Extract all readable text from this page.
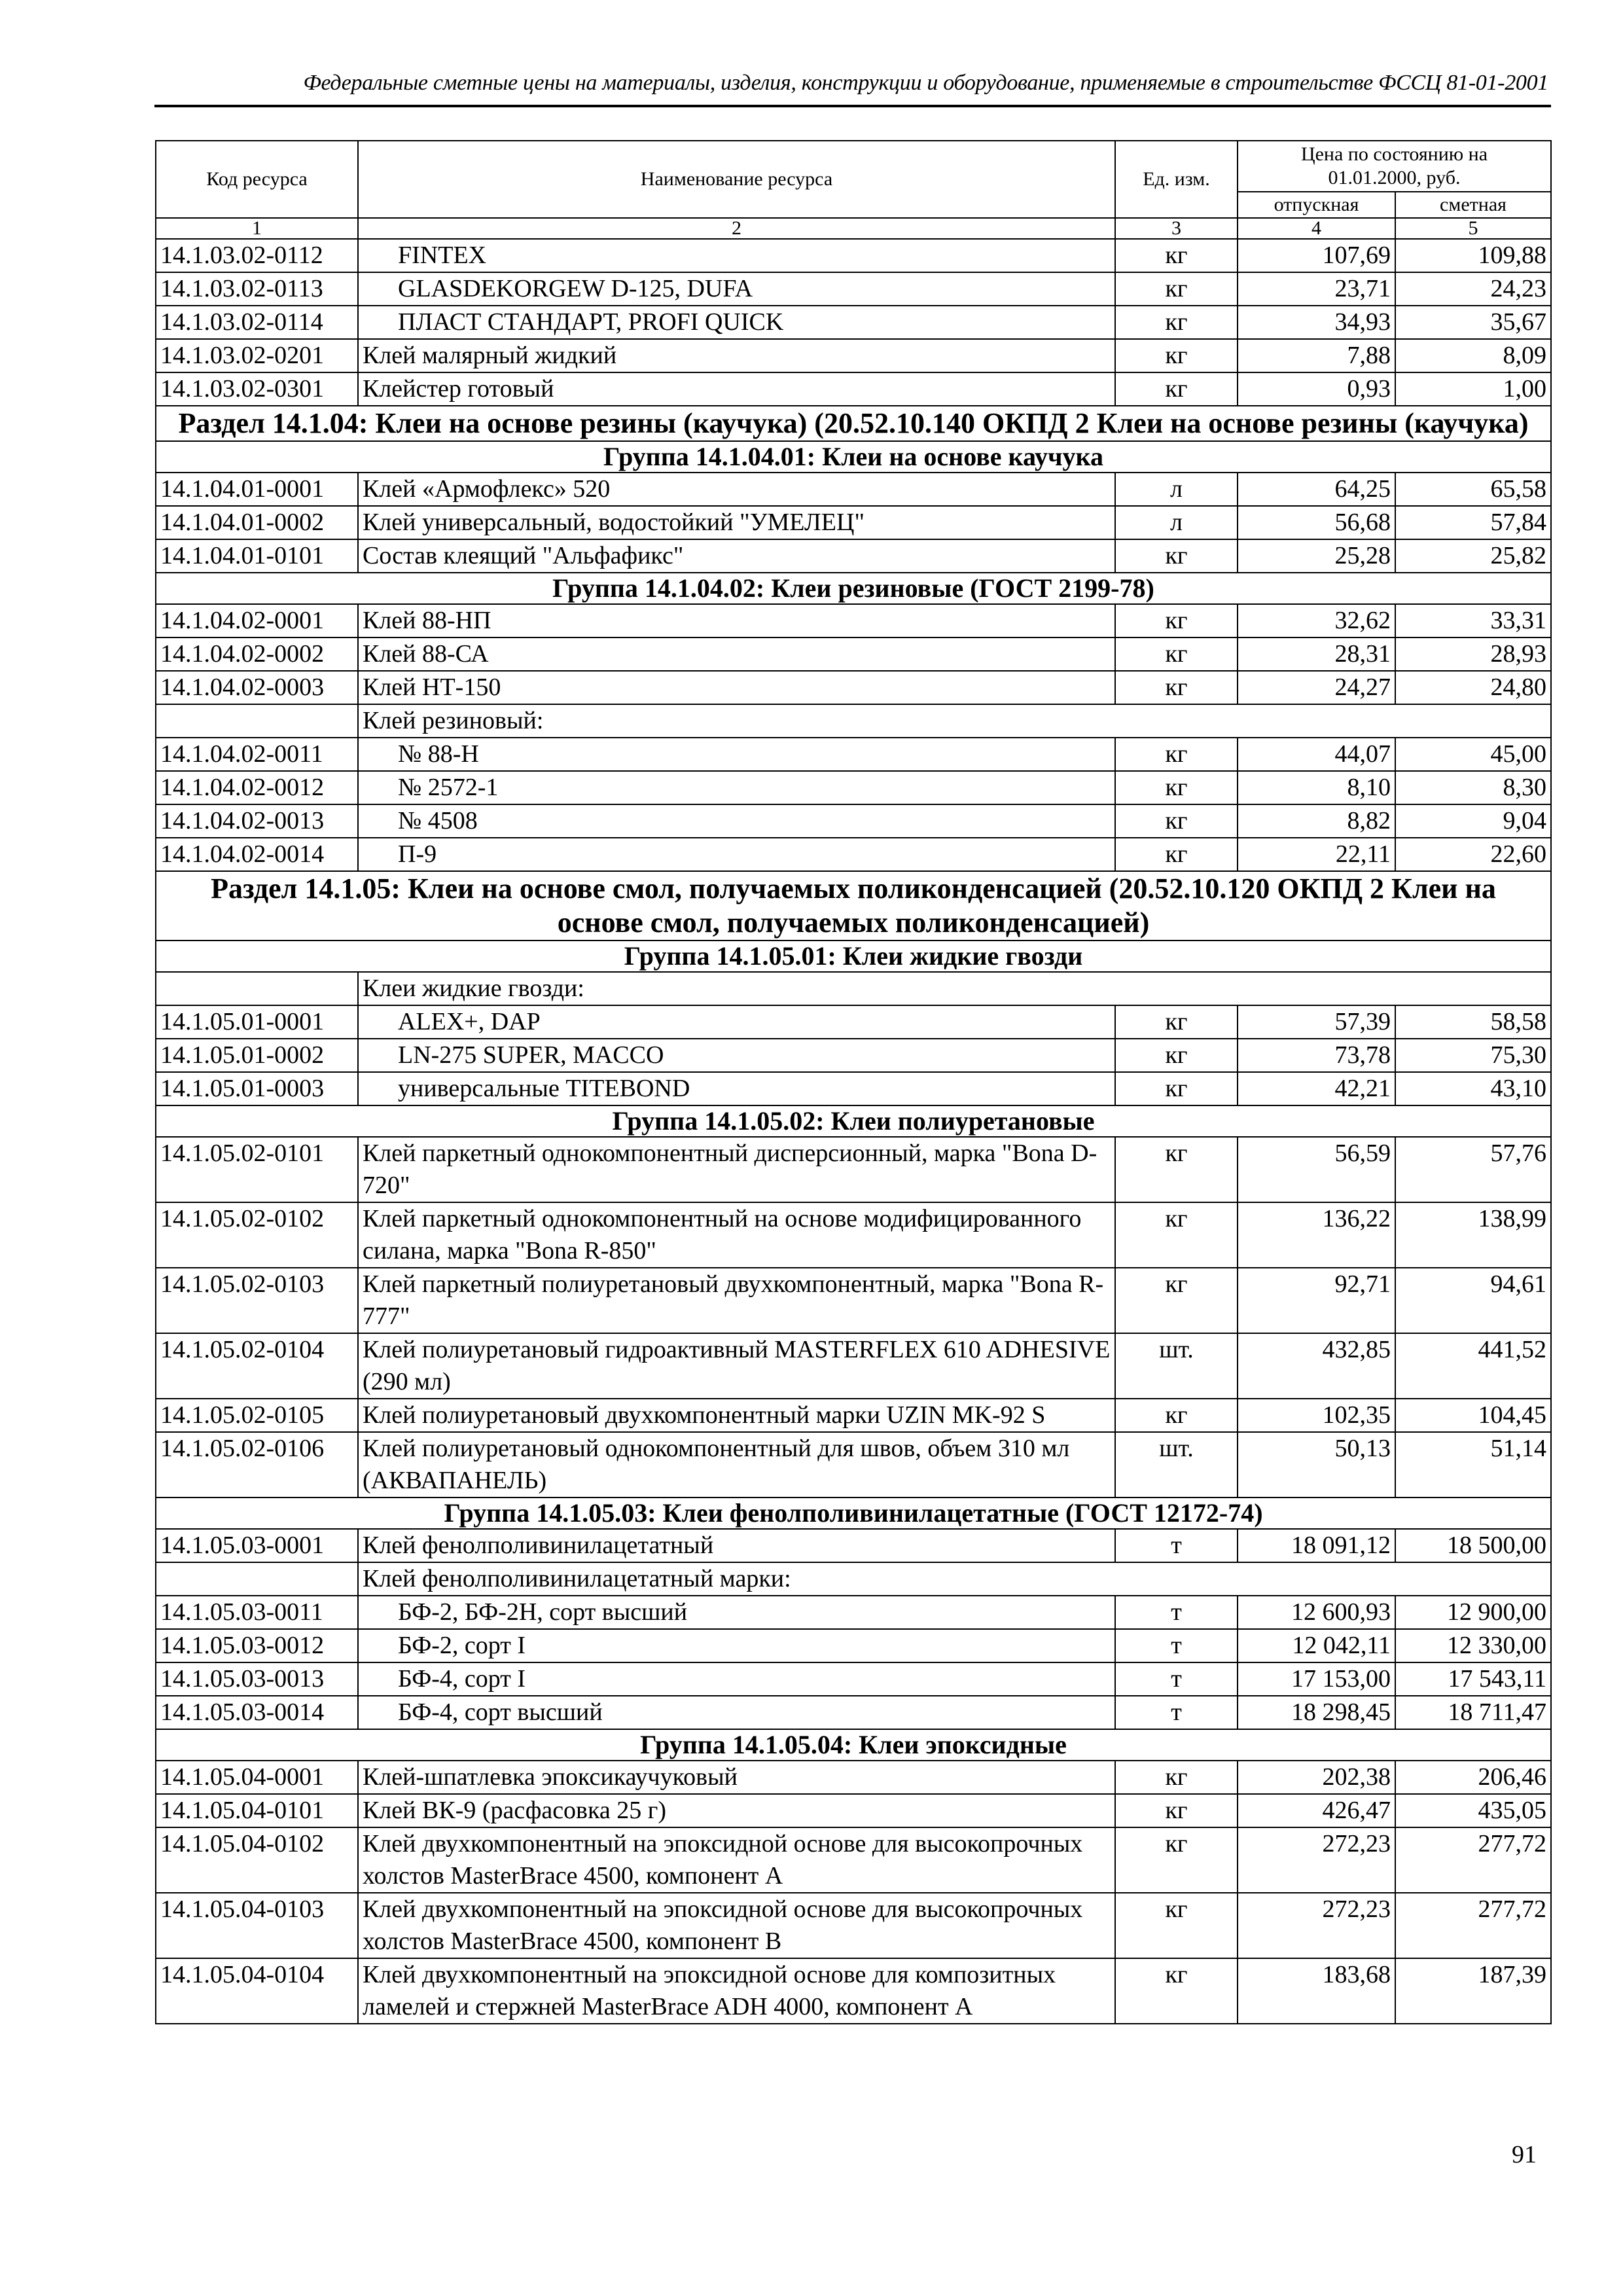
Федеральные сметные цены на материалы, изделия, конструкции и оборудование, применяемые в строительстве ФССЦ 81-01-2001
Код ресурса	Наименование ресурса	Ед. изм.	Цена по состоянию на 01.01.2000, руб.	
			отпускная	сметная
1	2	3	4	5
14.1.03.02-0112	FINTEX	кг	107,69	109,88
14.1.03.02-0113	GLASDEKORGEW D-125, DUFA	кг	23,71	24,23
14.1.03.02-0114	ПЛАСТ СТАНДАРТ, PROFI QUICK	кг	34,93	35,67
14.1.03.02-0201	Клей малярный жидкий	кг	7,88	8,09
14.1.03.02-0301	Клейстер готовый	кг	0,93	1,00
Раздел 14.1.04: Клеи на основе резины (каучука) (20.52.10.140 ОКПД 2 Клеи на основе резины (каучука)				
Группа 14.1.04.01: Клеи на основе каучука				
14.1.04.01-0001	Клей «Армофлекс» 520	л	64,25	65,58
14.1.04.01-0002	Клей универсальный, водостойкий "УМЕЛЕЦ"	л	56,68	57,84
14.1.04.01-0101	Состав клеящий "Альфафикс"	кг	25,28	25,82
Группа 14.1.04.02: Клеи резиновые (ГОСТ 2199-78)				
14.1.04.02-0001	Клей 88-НП	кг	32,62	33,31
14.1.04.02-0002	Клей 88-СА	кг	28,31	28,93
14.1.04.02-0003	Клей НТ-150	кг	24,27	24,80
	Клей резиновый:			
14.1.04.02-0011	№ 88-Н	кг	44,07	45,00
14.1.04.02-0012	№ 2572-1	кг	8,10	8,30
14.1.04.02-0013	№ 4508	кг	8,82	9,04
14.1.04.02-0014	П-9	кг	22,11	22,60
Раздел 14.1.05: Клеи на основе смол, получаемых поликонденсацией (20.52.10.120 ОКПД 2 Клеи на основе смол, получаемых поликонденсацией)				
Группа 14.1.05.01: Клеи жидкие гвозди				
	Клеи жидкие гвозди:			
14.1.05.01-0001	ALEX+, DAP	кг	57,39	58,58
14.1.05.01-0002	LN-275 SUPER, MACCO	кг	73,78	75,30
14.1.05.01-0003	универсальные TITEBOND	кг	42,21	43,10
Группа 14.1.05.02: Клеи полиуретановые				
14.1.05.02-0101	Клей паркетный однокомпонентный дисперсионный, марка "Bona D-720"	кг	56,59	57,76
14.1.05.02-0102	Клей паркетный однокомпонентный на основе модифицированного силана, марка "Bona R-850"	кг	136,22	138,99
14.1.05.02-0103	Клей паркетный полиуретановый двухкомпонентный, марка "Bona R-777"	кг	92,71	94,61
14.1.05.02-0104	Клей полиуретановый гидроактивный MASTERFLEX 610 ADHESIVE (290 мл)	шт.	432,85	441,52
14.1.05.02-0105	Клей полиуретановый двухкомпонентный марки UZIN MK-92 S	кг	102,35	104,45
14.1.05.02-0106	Клей полиуретановый однокомпонентный для швов, объем 310 мл (АКВАПАНЕЛЬ)	шт.	50,13	51,14
Группа 14.1.05.03: Клеи фенолполивинилацетатные (ГОСТ 12172-74)				
14.1.05.03-0001	Клей фенолполивинилацетатный	т	18 091,12	18 500,00
	Клей фенолполивинилацетатный марки:			
14.1.05.03-0011	БФ-2, БФ-2Н, сорт высший	т	12 600,93	12 900,00
14.1.05.03-0012	БФ-2, сорт I	т	12 042,11	12 330,00
14.1.05.03-0013	БФ-4, сорт I	т	17 153,00	17 543,11
14.1.05.03-0014	БФ-4, сорт высший	т	18 298,45	18 711,47
Группа 14.1.05.04: Клеи эпоксидные				
14.1.05.04-0001	Клей-шпатлевка эпоксикаучуковый	кг	202,38	206,46
14.1.05.04-0101	Клей ВК-9 (расфасовка 25 г)	кг	426,47	435,05
14.1.05.04-0102	Клей двухкомпонентный на эпоксидной основе для высокопрочных холстов MasterBrace 4500, компонент А	кг	272,23	277,72
14.1.05.04-0103	Клей двухкомпонентный на эпоксидной основе для высокопрочных холстов MasterBrace 4500, компонент В	кг	272,23	277,72
14.1.05.04-0104	Клей двухкомпонентный на эпоксидной основе для композитных ламелей и стержней MasterBrace ADH 4000, компонент А	кг	183,68	187,39
91
